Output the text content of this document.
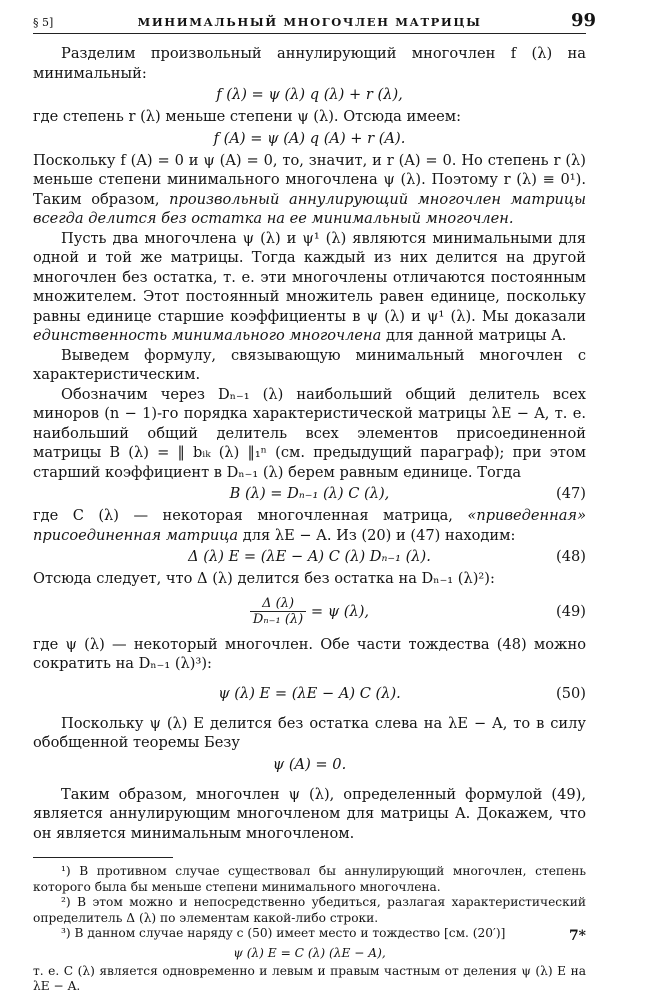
§ 5]	МИНИМАЛЬНЫЙ МНОГОЧЛЕН МАТРИЦЫ	99

Разделим произвольный аннулирующий многочлен f (λ) на минимальный:

f (λ) = ψ (λ) q (λ) + r (λ),

где степень r (λ) меньше степени ψ (λ). Отсюда имеем:

f (A) = ψ (A) q (A) + r (A).

Поскольку f (A) = 0 и ψ (A) = 0, то, значит, и r (A) = 0. Но степень r (λ) меньше степени минимального многочлена ψ (λ). Поэтому r (λ) ≡ 0¹). Таким образом, произвольный аннулирующий многочлен матрицы всегда делится без остатка на ее минимальный многочлен.

Пусть два многочлена ψ (λ) и ψ¹ (λ) являются минимальными для одной и той же матрицы. Тогда каждый из них делится на другой многочлен без остатка, т. е. эти многочлены отличаются постоянным множителем. Этот постоянный множитель равен единице, поскольку равны единице старшие коэффициенты в ψ (λ) и ψ¹ (λ). Мы доказали единственность минимального многочлена для данной матрицы A.

Выведем формулу, связывающую минимальный многочлен с характеристическим.

Обозначим через Dₙ₋₁ (λ) наибольший общий делитель всех миноров (n − 1)-го порядка характеристической матрицы λE − A, т. е. наибольший общий делитель всех элементов присоединенной матрицы B (λ) = ‖ bᵢₖ (λ) ‖₁ⁿ (см. предыдущий параграф); при этом старший коэффициент в Dₙ₋₁ (λ) берем равным единице. Тогда

B (λ) = Dₙ₋₁ (λ) C (λ),	(47)

где C (λ) — некоторая многочленная матрица, «приведенная» присоединенная матрица для λE − A. Из (20) и (47) находим:

Δ (λ) E = (λE − A) C (λ) Dₙ₋₁ (λ).	(48)

Отсюда следует, что Δ (λ) делится без остатка на Dₙ₋₁ (λ)²):

$\frac{\Delta (\lambda)}{\text{Dₙ₋₁ (λ)}} = \psi$ (λ),	(49)

где ψ (λ) — некоторый многочлен. Обе части тождества (48) можно сократить на Dₙ₋₁ (λ)³):

ψ (λ) E = (λE − A) C (λ).	(50)

Поскольку ψ (λ) E делится без остатка слева на λE − A, то в силу обобщенной теоремы Безу

ψ (A) = 0.

Таким образом, многочлен ψ (λ), определенный формулой (49), является аннулирующим многочленом для матрицы A. Докажем, что он является минимальным многочленом.

¹) В противном случае существовал бы аннулирующий многочлен, степень которого была бы меньше степени минимального многочлена.

²) В этом можно и непосредственно убедиться, разлагая характеристический определитель Δ (λ) по элементам какой-либо строки.

³) В данном случае наряду с (50) имеет место и тождество [см. (20′)]

ψ (λ) E = C (λ) (λE − A),

т. е. C (λ) является одновременно и левым и правым частным от деления ψ (λ) E на λE − A.

7*
